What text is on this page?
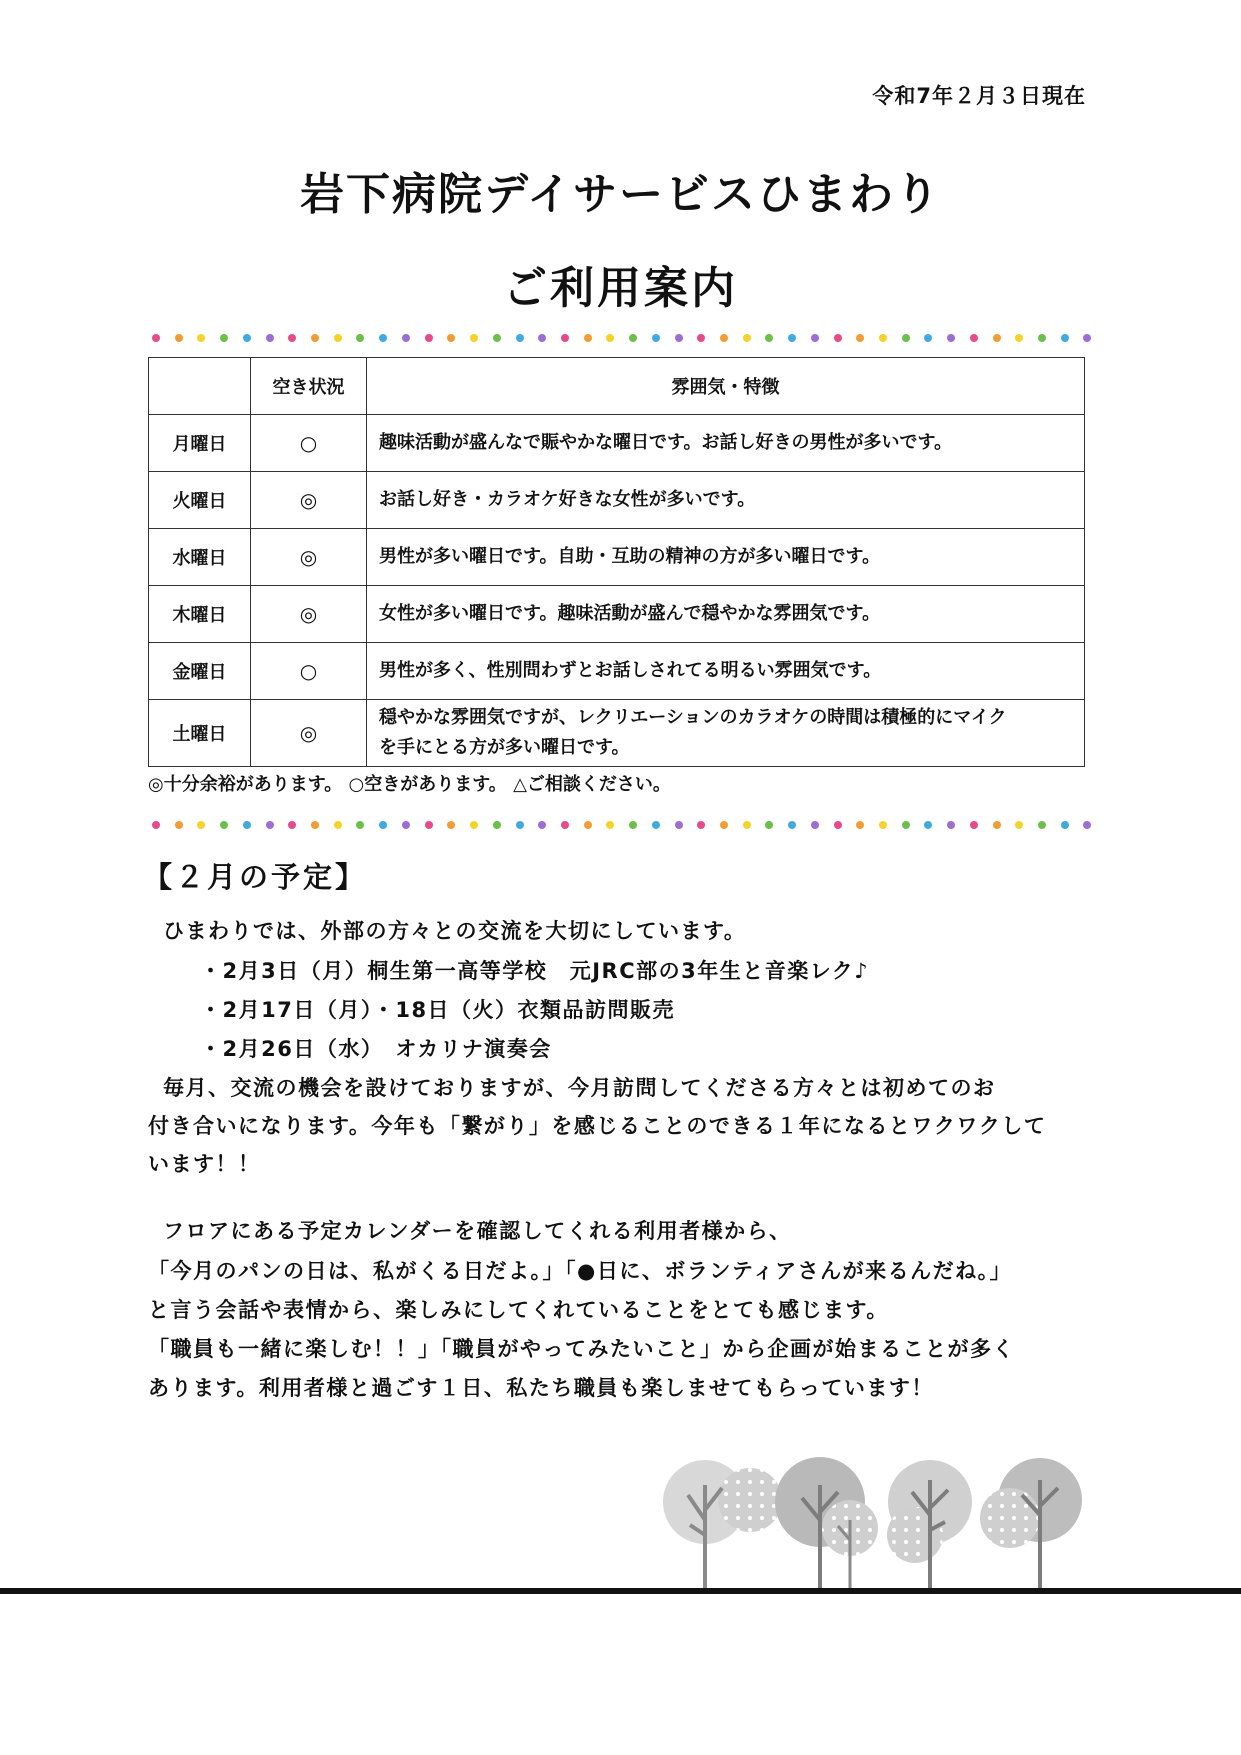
令和7年２月３日現在
岩下病院デイサービスひまわり
ご利用案内
	空き状況	雰囲気・特徴
月曜日	○	趣味活動が盛んなで賑やかな曜日です。お話し好きの男性が多いです。
火曜日	◎	お話し好き・カラオケ好きな女性が多いです。
水曜日	◎	男性が多い曜日です。自助・互助の精神の方が多い曜日です。
木曜日	◎	女性が多い曜日です。趣味活動が盛んで穏やかな雰囲気です。
金曜日	○	男性が多く、性別問わずとお話しされてる明るい雰囲気です。
土曜日	◎	穏やかな雰囲気ですが、レクリエーションのカラオケの時間は積極的にマイク
を手にとる方が多い曜日です。
◎十分余裕があります。 ○空きがあります。 △ご相談ください。
【２月の予定】
ひまわりでは、外部の方々との交流を大切にしています。
・2月3日（月）桐生第一高等学校　元JRC部の3年生と音楽レク♪
・2月17日（月）・18日（火）衣類品訪問販売
・2月26日（水）　オカリナ演奏会
毎月、交流の機会を設けておりますが、今月訪問してくださる方々とは初めてのお
付き合いになります。今年も「繋がり」を感じることのできる１年になるとワクワクして
います！！
フロアにある予定カレンダーを確認してくれる利用者様から、
「今月のパンの日は、私がくる日だよ。」「●日に、ボランティアさんが来るんだね。」
と言う会話や表情から、楽しみにしてくれていることをとても感じます。
「職員も一緒に楽しむ！！」「職員がやってみたいこと」から企画が始まることが多く
あります。利用者様と過ごす１日、私たち職員も楽しませてもらっています！
